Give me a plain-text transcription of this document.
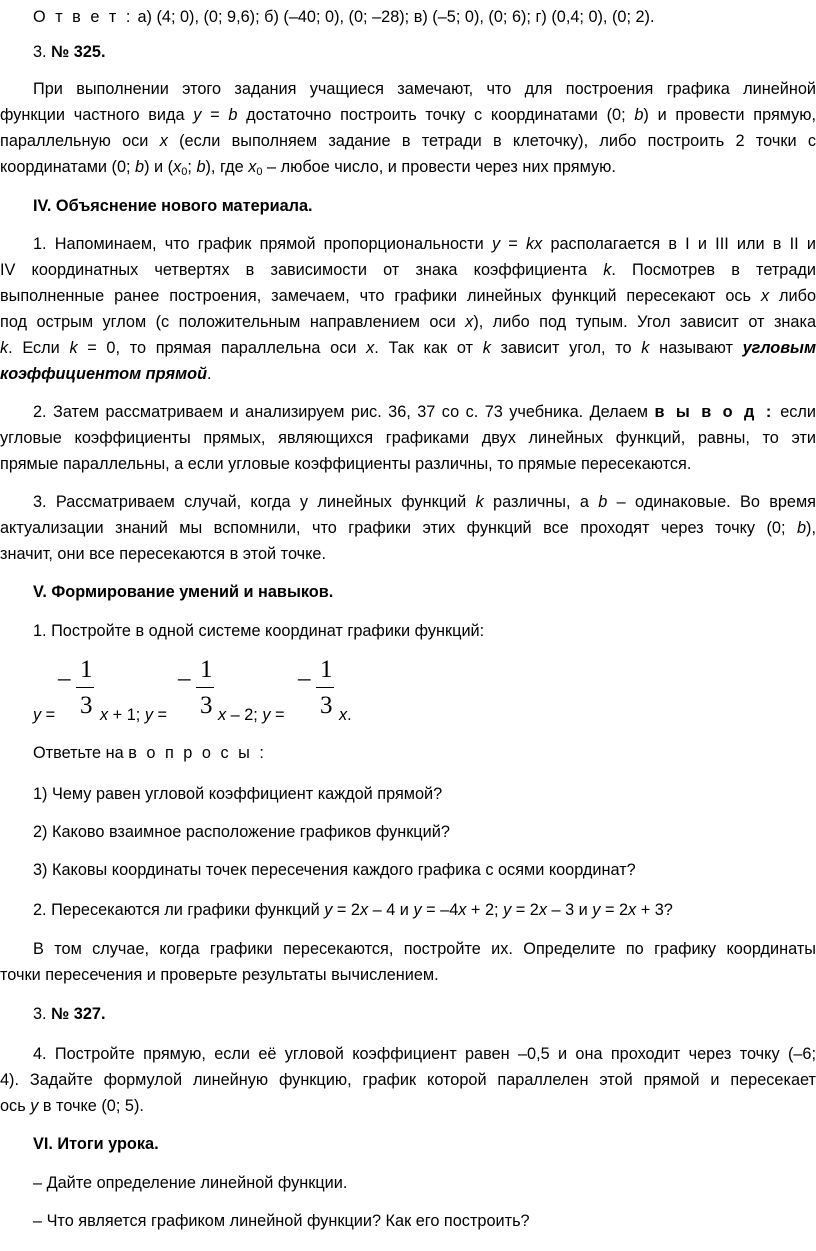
О т в е т : а) (4; 0), (0; 9,6); б) (–40; 0), (0; –28); в) (–5; 0), (0; 6); г) (0,4; 0), (0; 2).
3. № 325.
При выполнении этого задания учащиеся замечают, что для построения графика линейной
функции частного вида y = b достаточно построить точку с координатами (0; b) и провести прямую,
параллельную оси x (если выполняем задание в тетради в клеточку), либо построить 2 точки с
координатами (0; b) и ($x_0$; b), где $x_0$ – любое число, и провести через них прямую.
IV. Объяснение нового материала.
1. Напоминаем, что график прямой пропорциональности y = kx располагается в I и III или в II и
IV координатных четвертях в зависимости от знака коэффициента k. Посмотрев в тетради
выполненные ранее построения, замечаем, что графики линейных функций пересекают ось x либо
под острым углом (с положительным направлением оси x), либо под тупым. Угол зависит от знака
k. Если k = 0, то прямая параллельна оси x. Так как от k зависит угол, то k называют угловым
коэффициентом прямой.
2. Затем рассматриваем и анализируем рис. 36, 37 со с. 73 учебника. Делаем в ы в о д : если
угловые коэффициенты прямых, являющихся графиками двух линейных функций, равны, то эти
прямые параллельны, а если угловые коэффициенты различны, то прямые пересекаются.
3. Рассматриваем случай, когда у линейных функций k различны, а b – одинаковые. Во время
актуализации знаний мы вспомнили, что графики этих функций все проходят через точку (0; b),
значит, они все пересекаются в этой точке.
V. Формирование умений и навыков.
1. Постройте в одной системе координат графики функций:
– 1
3
– 1
3
– 1
3
y = x + 1; y =	x – 2; y =	x.
Ответьте на в о п р о с ы :
1) Чему равен угловой коэффициент каждой прямой?
2) Каково взаимное расположение графиков функций?
3) Каковы координаты точек пересечения каждого графика с осями координат?
2. Пересекаются ли графики функций y = 2x – 4 и y = –4x + 2; y = 2x – 3 и y = 2x + 3?
В том случае, когда графики пересекаются, постройте их. Определите по графику координаты
точки пересечения и проверьте результаты вычислением.
3. № 327.
4. Постройте прямую, если её угловой коэффициент равен –0,5 и она проходит через точку (–6;
4). Задайте формулой линейную функцию, график которой параллелен этой прямой и пересекает
ось y в точке (0; 5).
VI. Итоги урока.
– Дайте определение линейной функции.
– Что является графиком линейной функции? Как его построить?
